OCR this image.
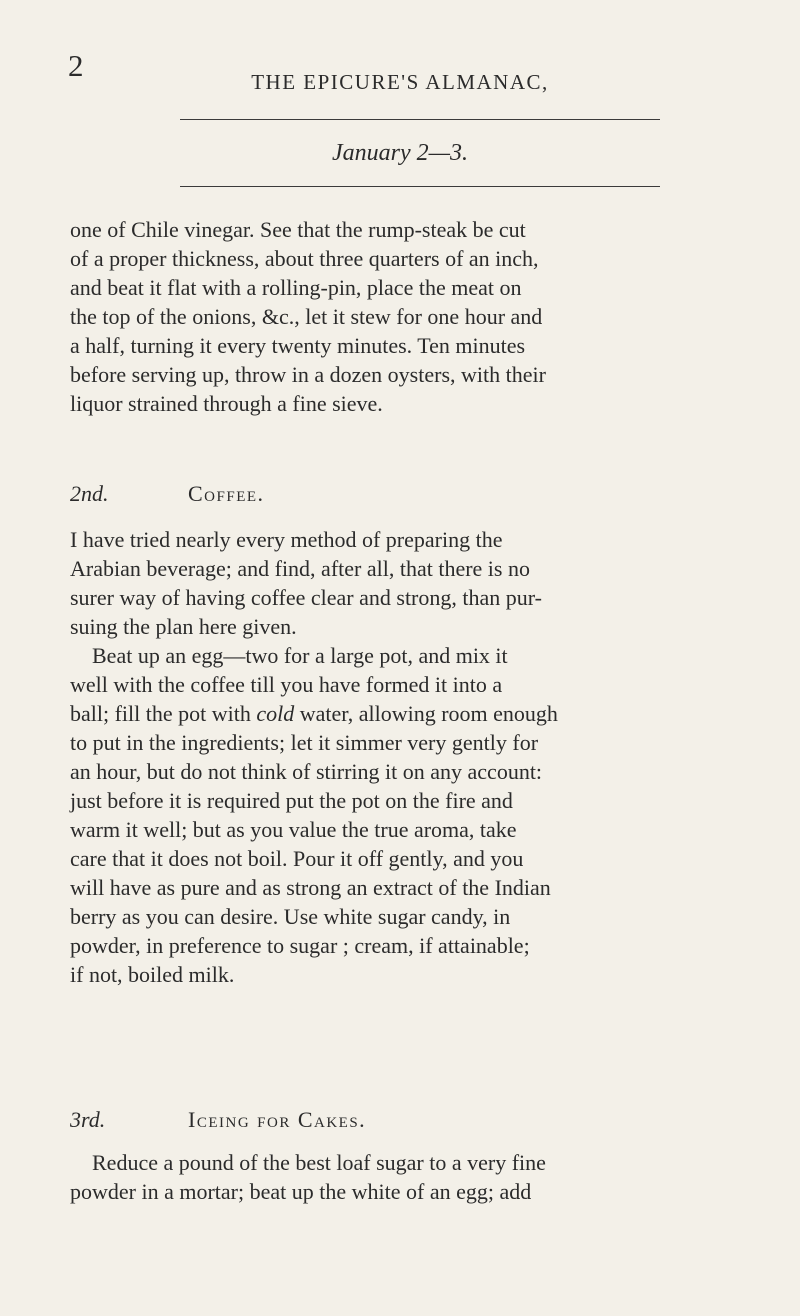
2	THE EPICURE'S ALMANAC,
January 2—3.

one of Chile vinegar. See that the rump-steak be cut

of a proper thickness, about three quarters of an inch,

and beat it flat with a rolling-pin, place the meat on

the top of the onions, &c., let it stew for one hour and

a half, turning it every twenty minutes. Ten minutes

before serving up, throw in a dozen oysters, with their

liquor strained through a fine sieve.

2nd.	Coffee.

I have tried nearly every method of preparing the

Arabian beverage; and find, after all, that there is no

surer way of having coffee clear and strong, than pur-

suing the plan here given.

Beat up an egg—two for a large pot, and mix it

well with the coffee till you have formed it into a

ball; fill the pot with cold water, allowing room enough

to put in the ingredients; let it simmer very gently for

an hour, but do not think of stirring it on any account:

just before it is required put the pot on the fire and

warm it well; but as you value the true aroma, take

care that it does not boil. Pour it off gently, and you

will have as pure and as strong an extract of the Indian

berry as you can desire. Use white sugar candy, in

powder, in preference to sugar ; cream, if attainable;

if not, boiled milk.

3rd.	Iceing for Cakes.

Reduce a pound of the best loaf sugar to a very fine

powder in a mortar; beat up the white of an egg; add
